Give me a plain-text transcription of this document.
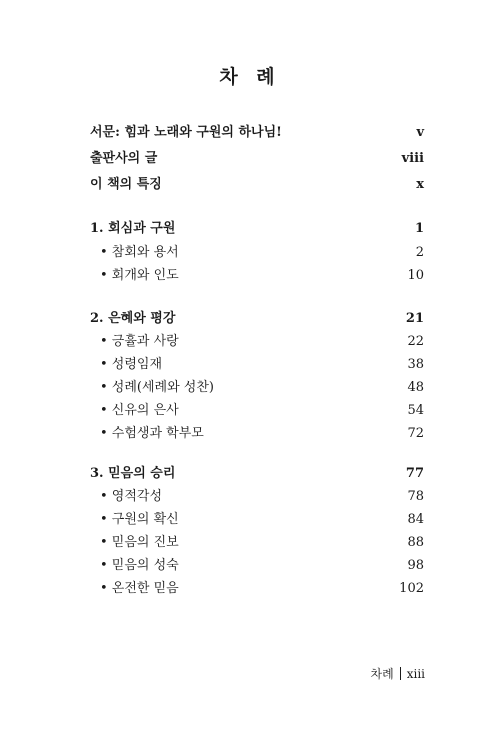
차 례
서문: 힘과 노래와 구원의 하나님!	v
출판사의 글	ⅷ
이 책의 특징	x
1. 회심과 구원	1
• 참회와 용서	2
• 회개와 인도	10
2. 은혜와 평강	21
• 긍휼과 사랑	22
• 성령임재	38
• 성례(세례와 성찬)	48
• 신유의 은사	54
• 수험생과 학부모	72
3. 믿음의 승리	77
• 영적각성	78
• 구원의 확신	84
• 믿음의 진보	88
• 믿음의 성숙	98
• 온전한 믿음	102
차례 xiii
